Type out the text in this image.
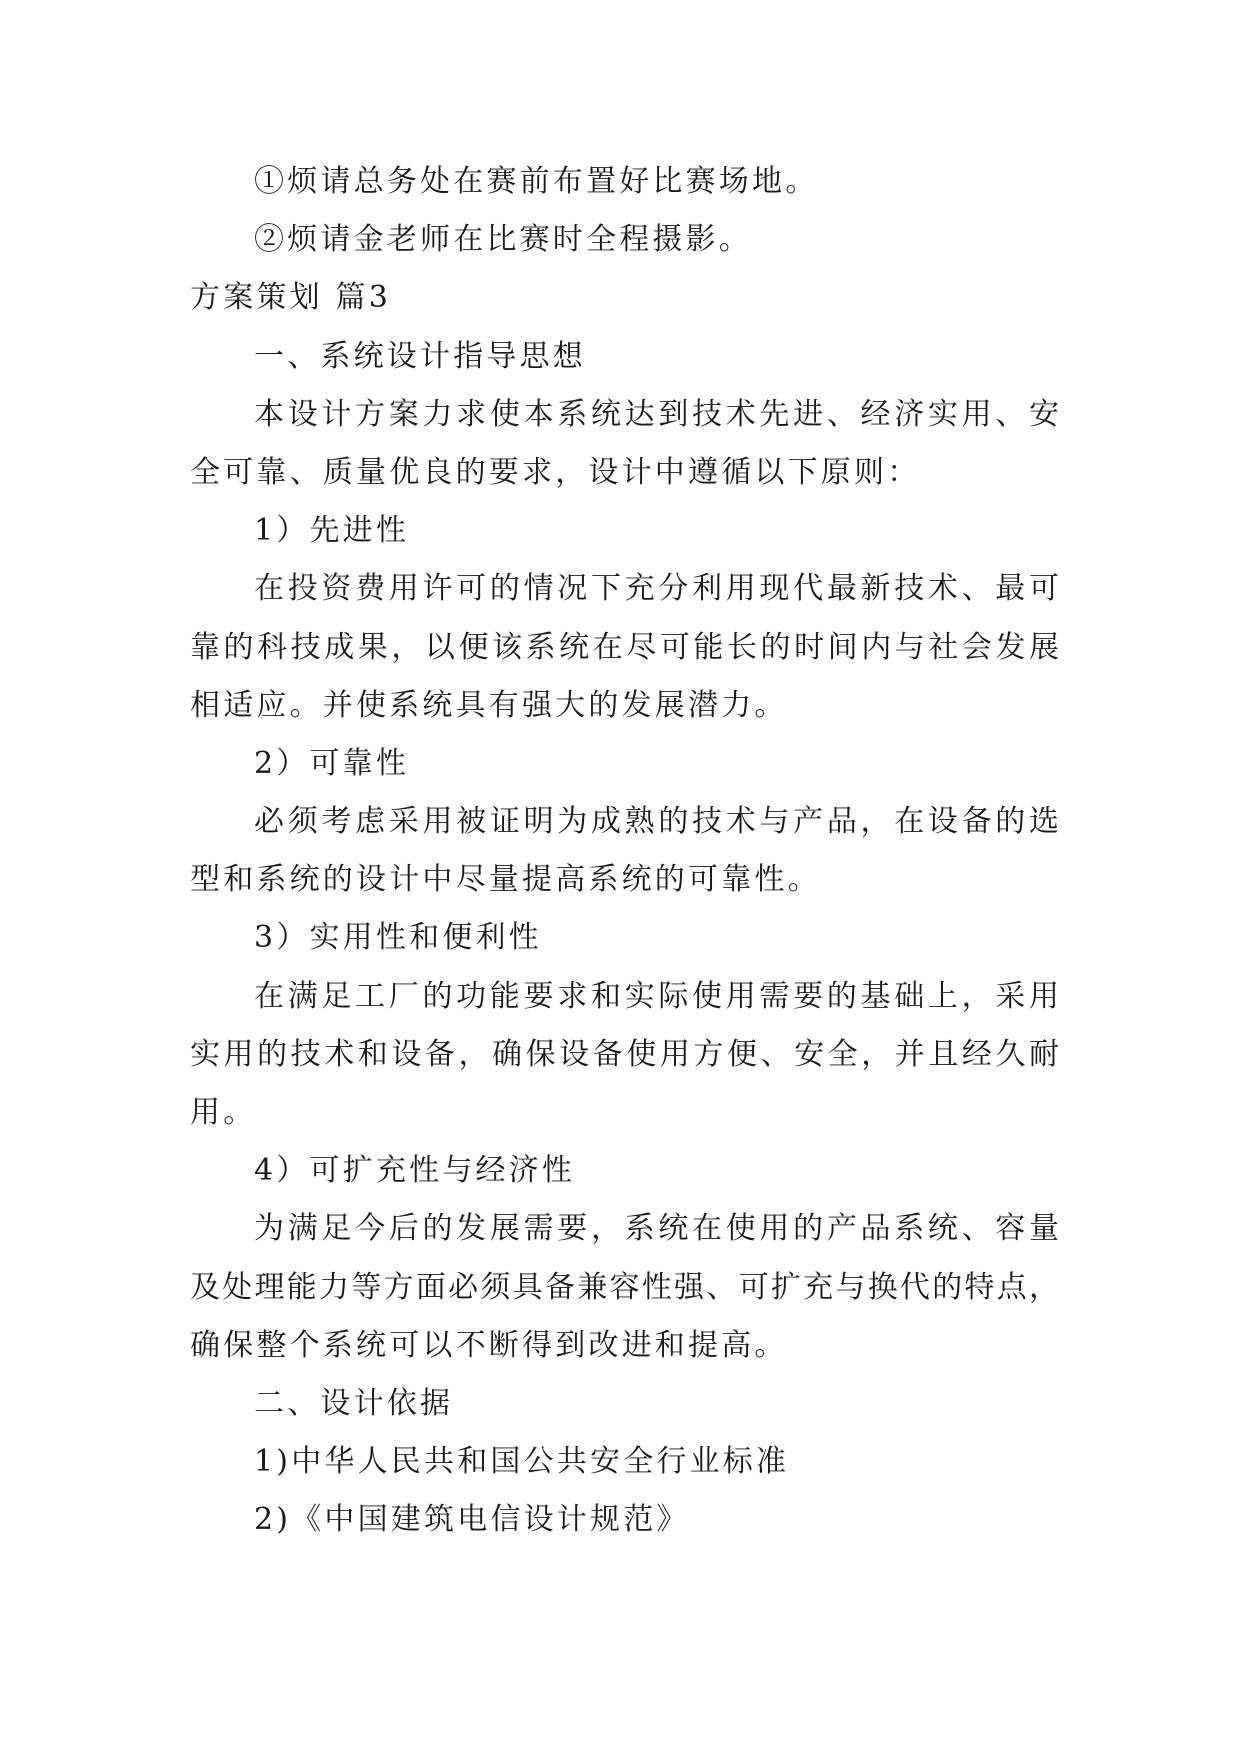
①烦请总务处在赛前布置好比赛场地。
②烦请金老师在比赛时全程摄影。
方案策划 篇3
一、系统设计指导思想
本设计方案力求使本系统达到技术先进、经济实用、安
全可靠、质量优良的要求，设计中遵循以下原则：
1）先进性
在投资费用许可的情况下充分利用现代最新技术、最可
靠的科技成果，以便该系统在尽可能长的时间内与社会发展
相适应。并使系统具有强大的发展潜力。
2）可靠性
必须考虑采用被证明为成熟的技术与产品，在设备的选
型和系统的设计中尽量提高系统的可靠性。
3）实用性和便利性
在满足工厂的功能要求和实际使用需要的基础上，采用
实用的技术和设备，确保设备使用方便、安全，并且经久耐
用。
4）可扩充性与经济性
为满足今后的发展需要，系统在使用的产品系统、容量
及处理能力等方面必须具备兼容性强、可扩充与换代的特点，
确保整个系统可以不断得到改进和提高。
二、设计依据
1)中华人民共和国公共安全行业标准
2)《中国建筑电信设计规范》
